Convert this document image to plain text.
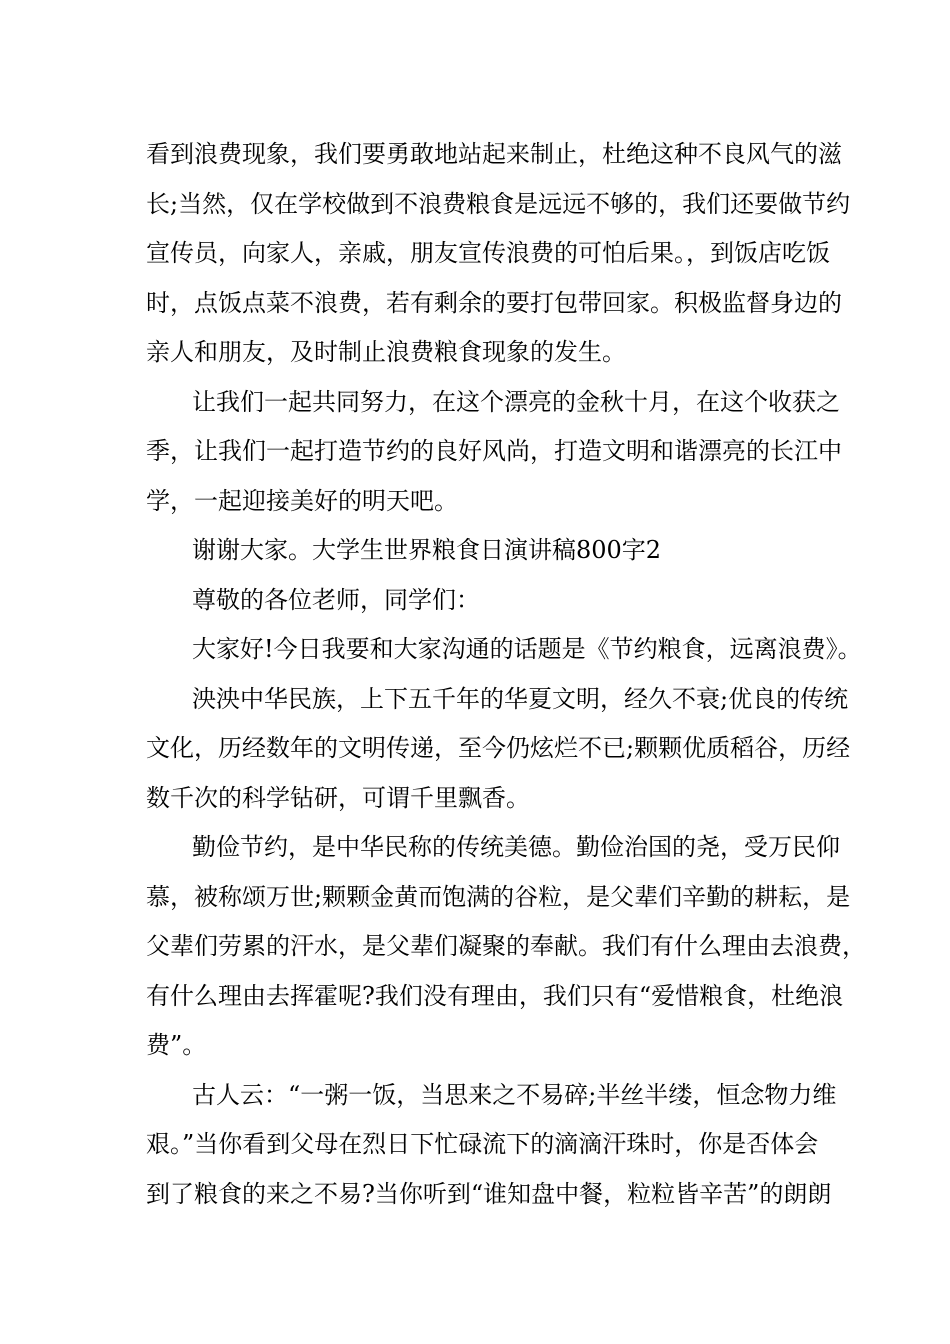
看到浪费现象，我们要勇敢地站起来制止，杜绝这种不良风气的滋
长;当然，仅在学校做到不浪费粮食是远远不够的，我们还要做节约
宣传员，向家人，亲戚，朋友宣传浪费的可怕后果。，到饭店吃饭
时，点饭点菜不浪费，若有剩余的要打包带回家。积极监督身边的
亲人和朋友，及时制止浪费粮食现象的发生。
让我们一起共同努力，在这个漂亮的金秋十月，在这个收获之
季，让我们一起打造节约的良好风尚，打造文明和谐漂亮的长江中
学，一起迎接美好的明天吧。
谢谢大家。大学生世界粮食日演讲稿800字2
尊敬的各位老师，同学们：
大家好!今日我要和大家沟通的话题是《节约粮食，远离浪费》。
泱泱中华民族，上下五千年的华夏文明，经久不衰;优良的传统
文化，历经数年的文明传递，至今仍炫烂不已;颗颗优质稻谷，历经
数千次的科学钻研，可谓千里飘香。
勤俭节约，是中华民称的传统美德。勤俭治国的尧，受万民仰
慕，被称颂万世;颗颗金黄而饱满的谷粒，是父辈们辛勤的耕耘，是
父辈们劳累的汗水，是父辈们凝聚的奉献。我们有什么理由去浪费，
有什么理由去挥霍呢?我们没有理由，我们只有“爱惜粮食，杜绝浪
费”。
古人云：“一粥一饭，当思来之不易碎;半丝半缕，恒念物力维
艰。”当你看到父母在烈日下忙碌流下的滴滴汗珠时，你是否体会
到了粮食的来之不易?当你听到“谁知盘中餐，粒粒皆辛苦”的朗朗
